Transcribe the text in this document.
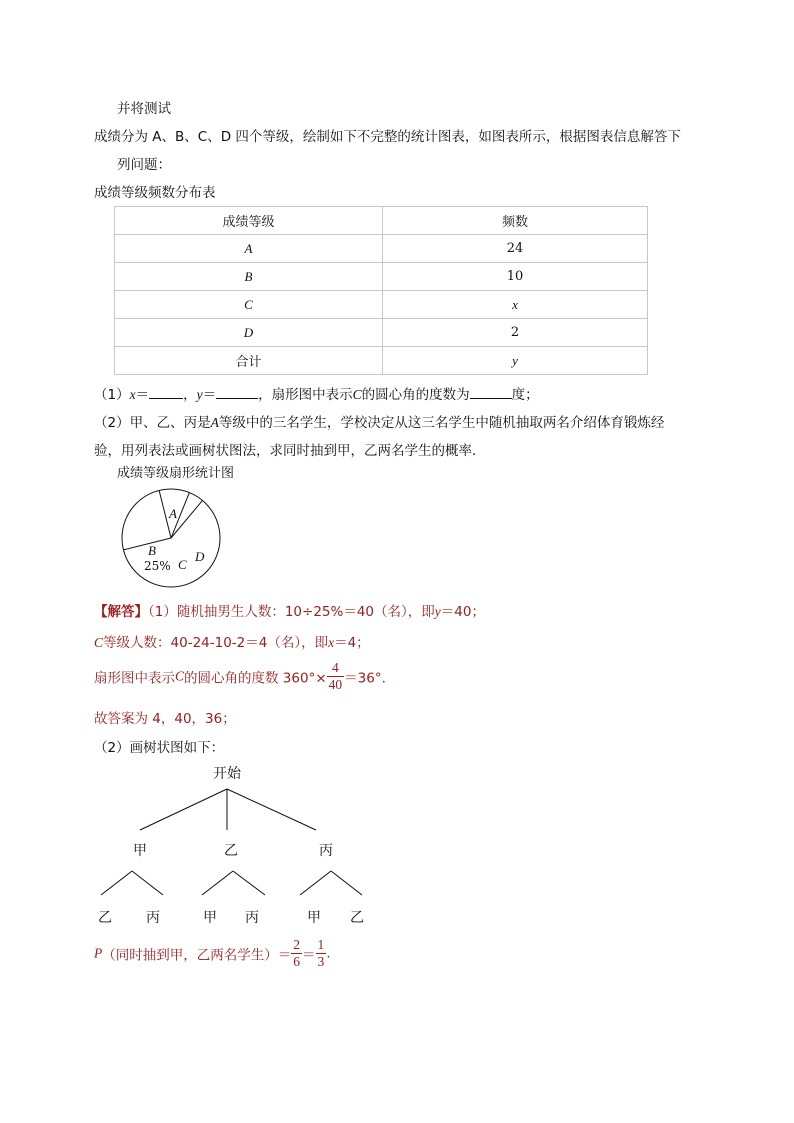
并将测试
成绩分为 A、B、C、D 四个等级，绘制如下不完整的统计图表，如图表所示，根据图表信息解答下
列问题：
成绩等级频数分布表
成绩等级	频数
A	24
B	10
C	x
D	2
合计	y
（1）x＝	，y＝	，扇形图中表示C的圆心角的度数为	度；
（2）甲、乙、丙是A等级中的三名学生，学校决定从这三名学生中随机抽取两名介绍体育锻炼经
验，用列表法或画树状图法，求同时抽到甲，乙两名学生的概率．
成绩等级扇形统计图
A
B
25% C
D
【解答】（1）随机抽男生人数：10÷25%＝40（名），即y＝40；
C等级人数：40-24-10-2＝4（名），即x＝4；
扇形图中表示C的圆心角的度数 $360^\circ\times \frac{4}{40} =36^\circ$.
故答案为 4，40，36；
（2）画树状图如下：
开始
甲	乙	丙
乙 丙	甲 丙	甲 乙
P（同时抽到甲，乙两名学生）＝ $\frac{2}{6} = \frac{1}{3}$ .
